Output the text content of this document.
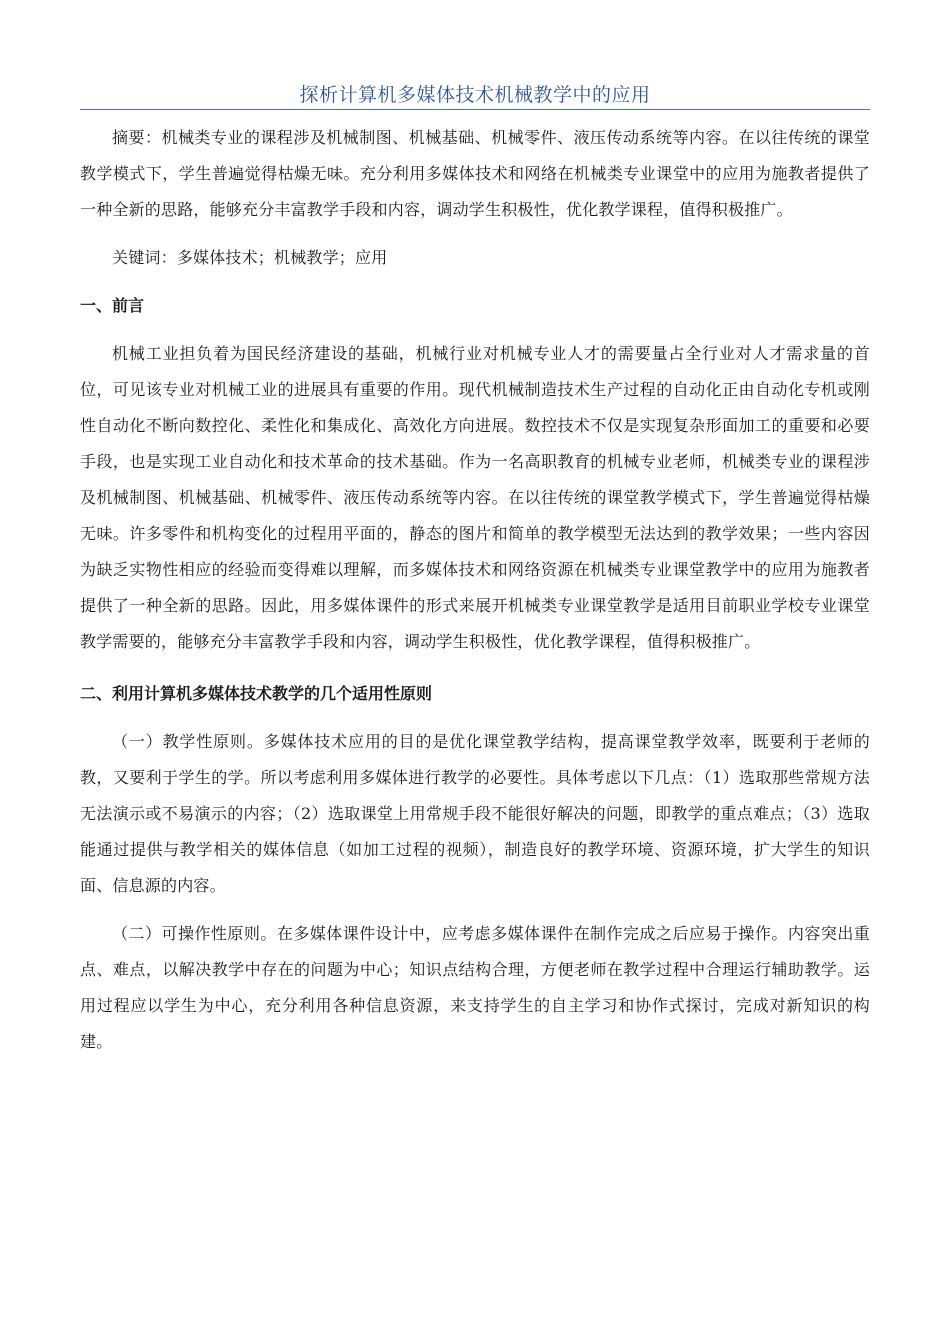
探析计算机多媒体技术机械教学中的应用

摘要：机械类专业的课程涉及机械制图、机械基础、机械零件、液压传动系统等内容。在以往传统的课堂教学模式下，学生普遍觉得枯燥无味。充分利用多媒体技术和网络在机械类专业课堂中的应用为施教者提供了一种全新的思路，能够充分丰富教学手段和内容，调动学生积极性，优化教学课程，值得积极推广。

关键词：多媒体技术；机械教学；应用

一、前言

机械工业担负着为国民经济建设的基础，机械行业对机械专业人才的需要量占全行业对人才需求量的首位，可见该专业对机械工业的进展具有重要的作用。现代机械制造技术生产过程的自动化正由自动化专机或刚性自动化不断向数控化、柔性化和集成化、高效化方向进展。数控技术不仅是实现复杂形面加工的重要和必要手段，也是实现工业自动化和技术革命的技术基础。作为一名高职教育的机械专业老师，机械类专业的课程涉及机械制图、机械基础、机械零件、液压传动系统等内容。在以往传统的课堂教学模式下，学生普遍觉得枯燥无味。许多零件和机构变化的过程用平面的，静态的图片和简单的教学模型无法达到的教学效果；一些内容因为缺乏实物性相应的经验而变得难以理解，而多媒体技术和网络资源在机械类专业课堂教学中的应用为施教者提供了一种全新的思路。因此，用多媒体课件的形式来展开机械类专业课堂教学是适用目前职业学校专业课堂教学需要的，能够充分丰富教学手段和内容，调动学生积极性，优化教学课程，值得积极推广。

二、利用计算机多媒体技术教学的几个适用性原则

（一）教学性原则。多媒体技术应用的目的是优化课堂教学结构，提高课堂教学效率，既要利于老师的教，又要利于学生的学。所以考虑利用多媒体进行教学的必要性。具体考虑以下几点：（1）选取那些常规方法无法演示或不易演示的内容；（2）选取课堂上用常规手段不能很好解决的问题，即教学的重点难点；（3）选取能通过提供与教学相关的媒体信息（如加工过程的视频），制造良好的教学环境、资源环境，扩大学生的知识面、信息源的内容。

（二）可操作性原则。在多媒体课件设计中，应考虑多媒体课件在制作完成之后应易于操作。内容突出重点、难点，以解决教学中存在的问题为中心；知识点结构合理，方便老师在教学过程中合理运行辅助教学。运用过程应以学生为中心，充分利用各种信息资源，来支持学生的自主学习和协作式探讨，完成对新知识的构建。
